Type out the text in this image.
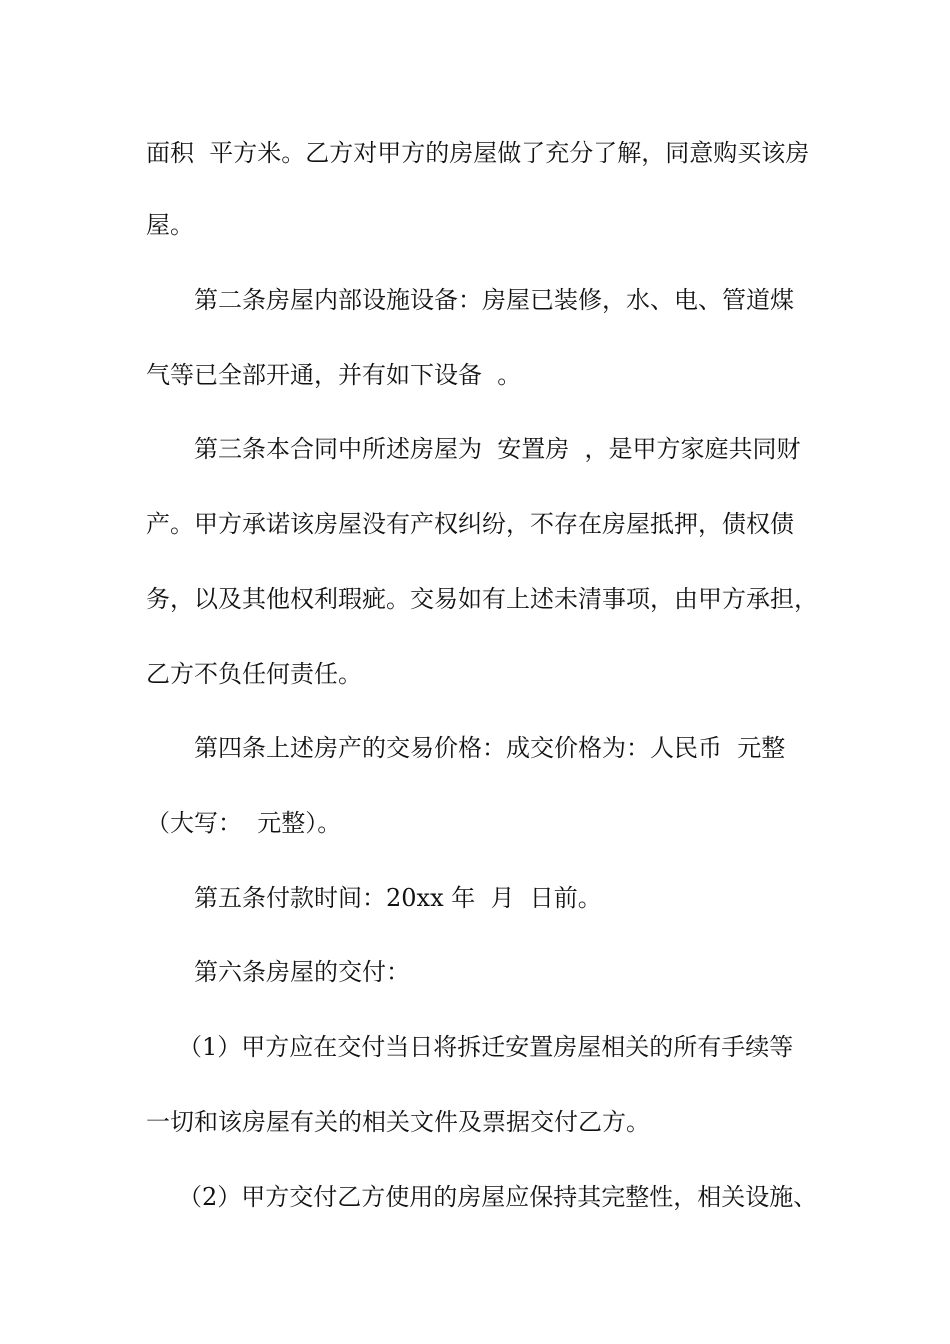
面积  平方米。乙方对甲方的房屋做了充分了解，同意购买该房
屋。
第二条房屋内部设施设备：房屋已装修，水、电、管道煤
气等已全部开通，并有如下设备  。
第三条本合同中所述房屋为  安置房  ，是甲方家庭共同财
产。甲方承诺该房屋没有产权纠纷，不存在房屋抵押，债权债
务，以及其他权利瑕疵。交易如有上述未清事项，由甲方承担，
乙方不负任何责任。
第四条上述房产的交易价格：成交价格为：人民币  元整
（大写：  元整）。
第五条付款时间：20xx 年  月  日前。
第六条房屋的交付：
（1）甲方应在交付当日将拆迁安置房屋相关的所有手续等
一切和该房屋有关的相关文件及票据交付乙方。
（2）甲方交付乙方使用的房屋应保持其完整性，相关设施、
